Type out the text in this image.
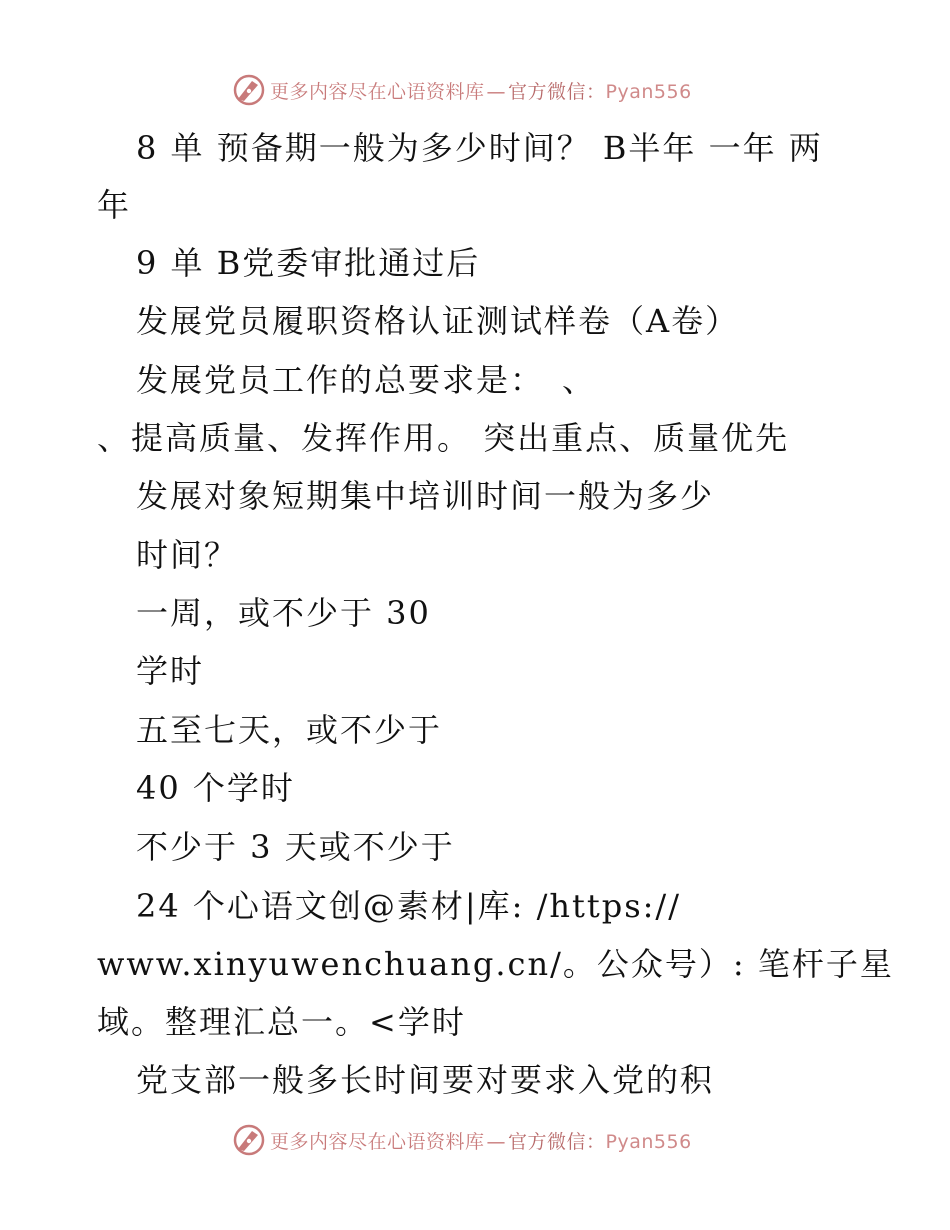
更多内容尽在心语资料库 — 官方微信：Pyan556
8 单 预备期一般为多少时间？ B半年 一年 两
年
9 单 B党委审批通过后
发展党员履职资格认证测试样卷（A卷）
发展党员工作的总要求是：　、
、提高质量、发挥作用。 突出重点、质量优先
发展对象短期集中培训时间一般为多少
时间？
一周，或不少于 30
学时
五至七天，或不少于
40 个学时
不少于 3 天或不少于
24 个心语文创@素材|库: /https://
www.xinyuwenchuang.cn/。公众号）: 笔杆子星
域。整理汇总一。<学时
党支部一般多长时间要对要求入党的积
更多内容尽在心语资料库 — 官方微信：Pyan556
